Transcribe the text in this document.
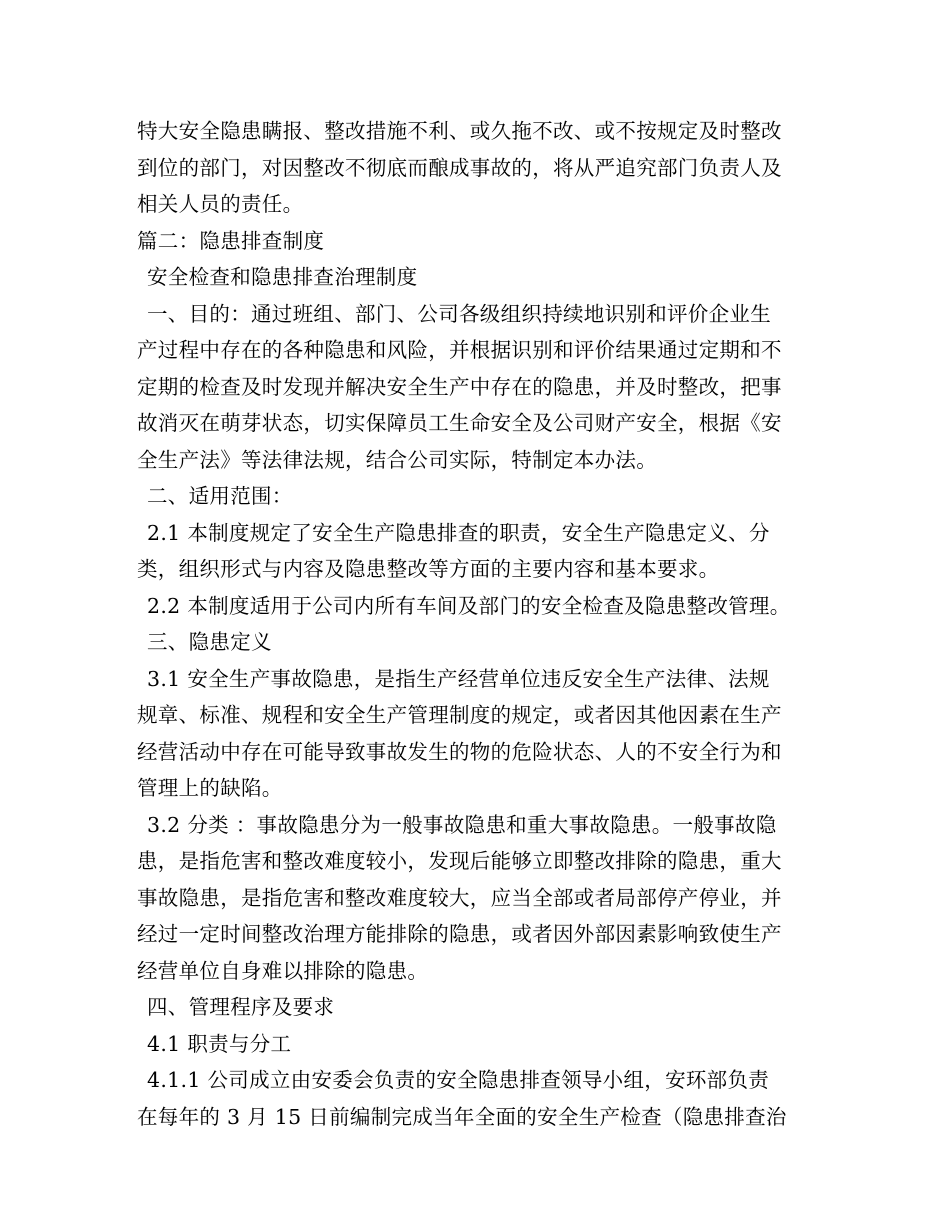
特大安全隐患瞒报、整改措施不利、或久拖不改、或不按规定及时整改
到位的部门，对因整改不彻底而酿成事故的，将从严追究部门负责人及
相关人员的责任。
篇二：隐患排查制度
安全检查和隐患排查治理制度
一、目的：通过班组、部门、公司各级组织持续地识别和评价企业生
产过程中存在的各种隐患和风险，并根据识别和评价结果通过定期和不
定期的检查及时发现并解决安全生产中存在的隐患，并及时整改，把事
故消灭在萌芽状态，切实保障员工生命安全及公司财产安全，根据《安
全生产法》等法律法规，结合公司实际，特制定本办法。
二、适用范围：
2.1 本制度规定了安全生产隐患排查的职责，安全生产隐患定义、分
类，组织形式与内容及隐患整改等方面的主要内容和基本要求。
2.2 本制度适用于公司内所有车间及部门的安全检查及隐患整改管理。
三、隐患定义
3.1 安全生产事故隐患，是指生产经营单位违反安全生产法律、法规
规章、标准、规程和安全生产管理制度的规定，或者因其他因素在生产
经营活动中存在可能导致事故发生的物的危险状态、人的不安全行为和
管理上的缺陷。
3.2 分类 ：事故隐患分为一般事故隐患和重大事故隐患。一般事故隐
患，是指危害和整改难度较小，发现后能够立即整改排除的隐患，重大
事故隐患，是指危害和整改难度较大，应当全部或者局部停产停业，并
经过一定时间整改治理方能排除的隐患，或者因外部因素影响致使生产
经营单位自身难以排除的隐患。
四、管理程序及要求
4.1 职责与分工
4.1.1 公司成立由安委会负责的安全隐患排查领导小组，安环部负责
在每年的 3 月 15 日前编制完成当年全面的安全生产检查（隐患排查治
